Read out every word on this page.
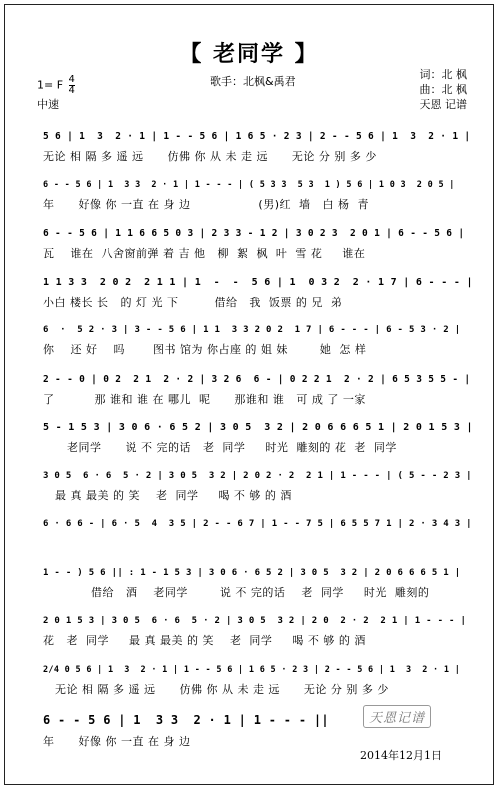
【 老同学 】
1= F $\frac{4}{4}$
中速
歌手：北枫&禹君
词：北 枫
曲：北 枫
天恩 记谱
5 6 | 1  3  2 · 1 | 1 - - 5 6 | 1 6 5 · 2 3 | 2 - - 5 6 | 1  3  2 · 1 |
无论 相 隔 多 遥 远      仿佛 你 从 未 走 远      无论 分 别 多 少
6 - - 5 6 | 1  3 3  2 · 1 | 1 - - - | ( 5 3 3  5 3  1 ) 5 6 | 1 0 3  2 0 5 |
年      好像 你 一直 在 身 边                 (男)红  墙   白 杨  青
6 - - 5 6 | 1 1 6 6 5 0 3 | 2 3 3 - 1 2 | 3 0 2 3  2 0 1 | 6 - - 5 6 |
瓦    谁在  八舍窗前弹 着 吉 他   柳  絮  枫  叶  雪 花     谁在
1 1 3 3  2 0 2  2 1 1 | 1  -  -  5 6 | 1  0 3 2  2 · 1 7 | 6 - - - |
小白 楼长 长   的 灯 光 下         借给   我  饭票 的 兄  弟
6  ·  5 2 · 3 | 3 - - 5 6 | 1 1  3 3 2 0 2  1 7 | 6 - - - | 6 - 5 3 · 2 |
你    还 好    吗       图书 馆为 你占座 的 姐 妹        她  怎 样
2 - - 0 | 0 2  2 1  2 · 2 | 3 2 6  6 - | 0 2 2 1  2 · 2 | 6 5 3 5 5 - |
了          那 谁和 谁 在 哪儿  呢      那谁和 谁   可 成 了 一家
5 - 1 5 3 | 3 0 6 · 6 5 2 | 3 0 5  3 2 | 2 0 6 6 6 5 1 | 2 0 1 5 3 |
老同学      说 不 完的话   老  同学     时光  雕刻的 花  老  同学
3 0 5  6 · 6  5 · 2 | 3 0 5  3 2 | 2 0 2 · 2  2 1 | 1 - - - | ( 5 - - 2 3 |
最 真 最美 的 笑    老  同学     喝 不 够 的 酒
6 · 6 6 - | 6 · 5  4  3 5 | 2 - - 6 7 | 1 - - 7 5 | 6 5 5 7 1 | 2 · 3 4 3 |
1 - - ) 5 6 || : 1 - 1 5 3 | 3 0 6 · 6 5 2 | 3 0 5  3 2 | 2 0 6 6 6 5 1 |
借给   酒    老同学        说 不 完的话    老  同学     时光  雕刻的
2 0 1 5 3 | 3 0 5  6 · 6  5 · 2 | 3 0 5  3 2 | 2 0  2 · 2  2 1 | 1 - - - |
花   老  同学     最 真 最美 的 笑    老  同学     喝 不 够 的 酒
2/4 0 5 6 | 1  3  2 · 1 | 1 - - 5 6 | 1 6 5 · 2 3 | 2 - - 5 6 | 1  3  2 · 1 |
无论 相 隔 多 遥 远      仿佛 你 从 未 走 远      无论 分 别 多 少
6 - - 5 6 | 1  3 3  2 · 1 | 1 - - - ||
年      好像 你 一直 在 身 边
天恩记谱
2014年12月1日
